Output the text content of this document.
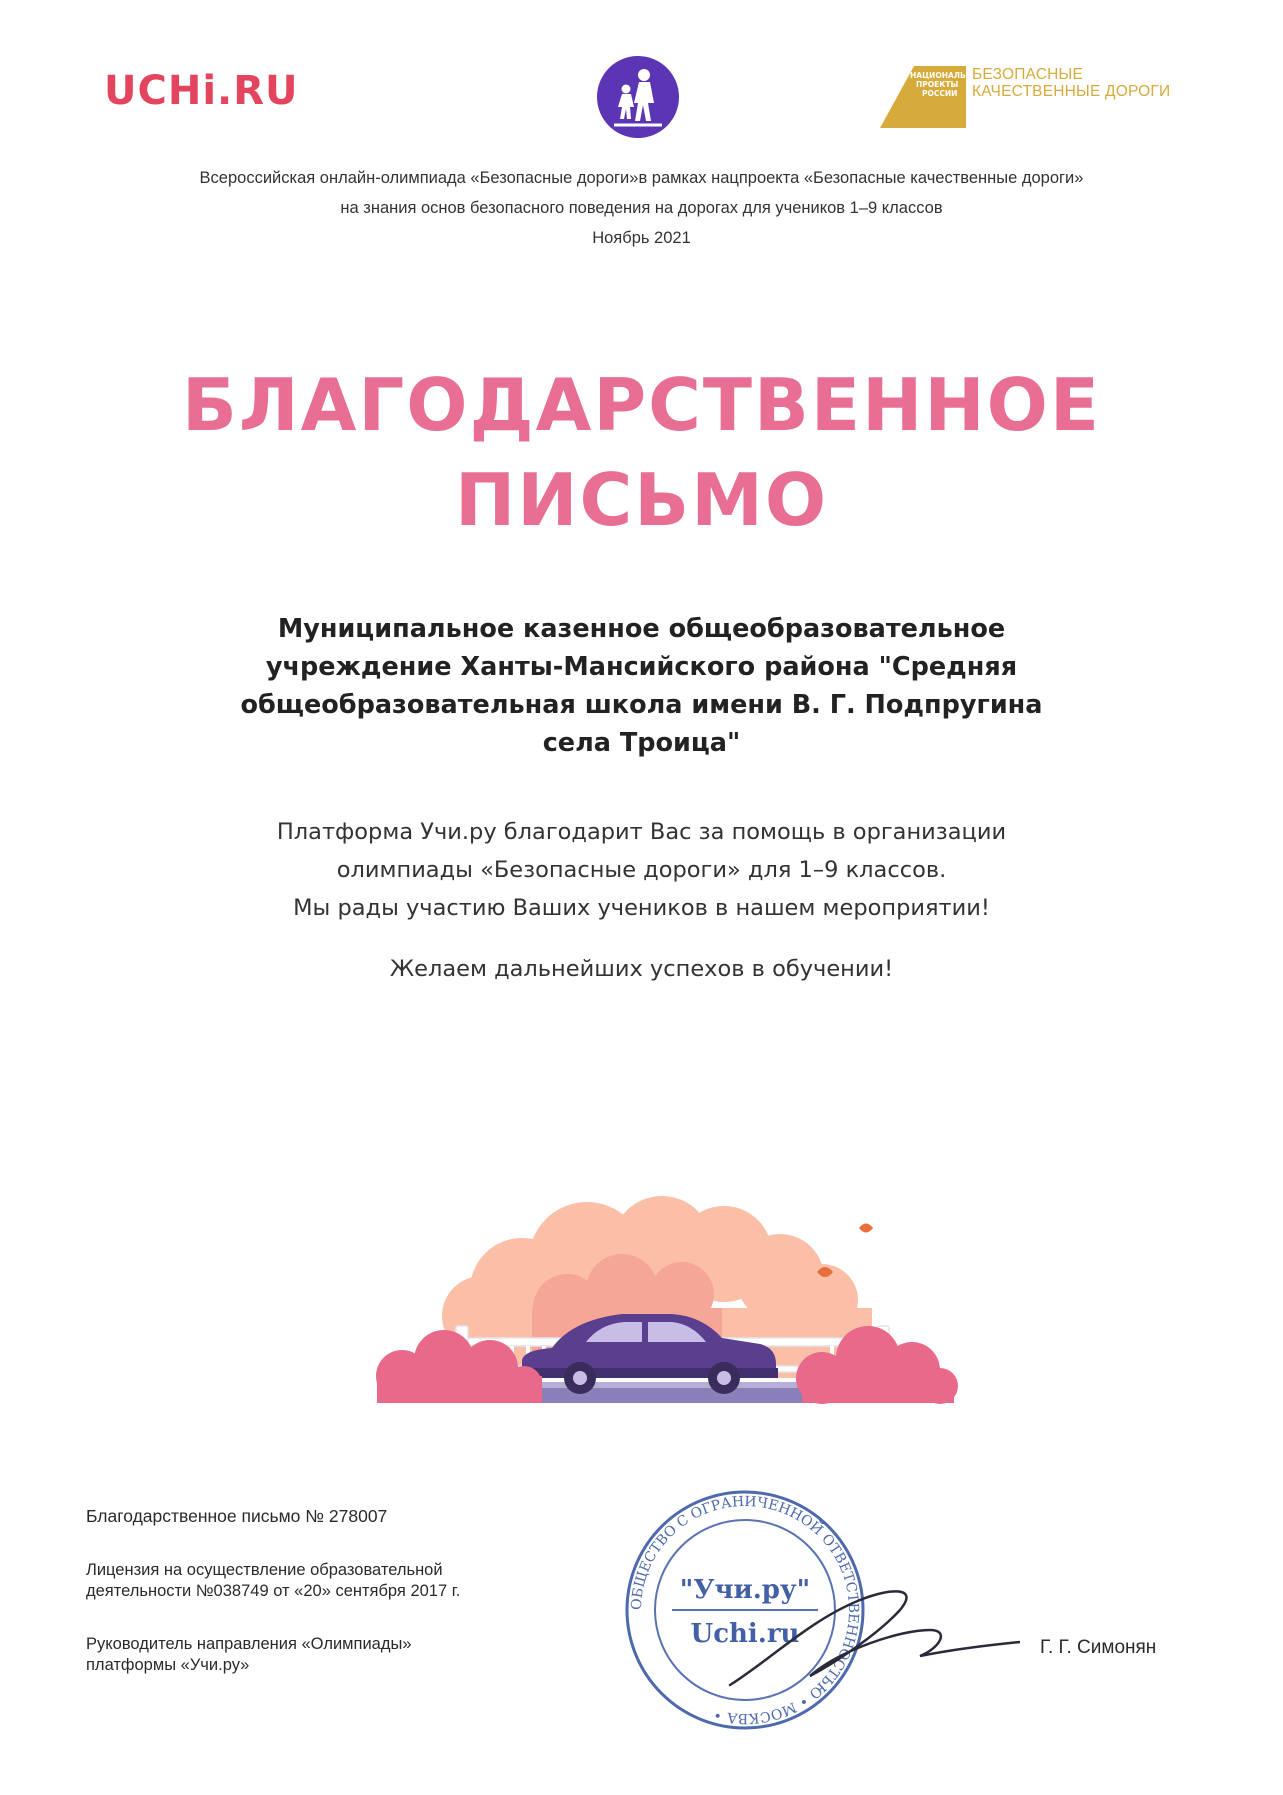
UCHi.RU	НАЦИОНАЛЬНЫЕ ПРОЕКТЫ РОССИИ
БЕЗОПАСНЫЕ
КАЧЕСТВЕННЫЕ ДОРОГИ
Всероссийская онлайн-олимпиада «Безопасные дороги»в рамках нацпроекта «Безопасные качественные дороги»
на знания основ безопасного поведения на дорогах для учеников 1–9 классов
Ноябрь 2021
БЛАГОДАРСТВЕННОЕ
ПИСЬМО
Муниципальное казенное общеобразовательное
учреждение Ханты-Мансийского района "Средняя
общеобразовательная школа имени В. Г. Подпругина
села Троица"
Платформа Учи.ру благодарит Вас за помощь в организации
олимпиады «Безопасные дороги» для 1–9 классов.
Мы рады участию Ваших учеников в нашем мероприятии!
Желаем дальнейших успехов в обучении!
Благодарственное письмо № 278007
Лицензия на осуществление образовательной
деятельности №038749 от «20» сентября 2017 г.
Руководитель направления «Олимпиады»
платформы «Учи.ру»
Г. Г. Симонян
ОБЩЕСТВО С ОГРАНИЧЕННОЙ ОТВЕТСТВЕННОСТЬЮ • МОСКВА •
"Учи.ру"
Uchi.ru
